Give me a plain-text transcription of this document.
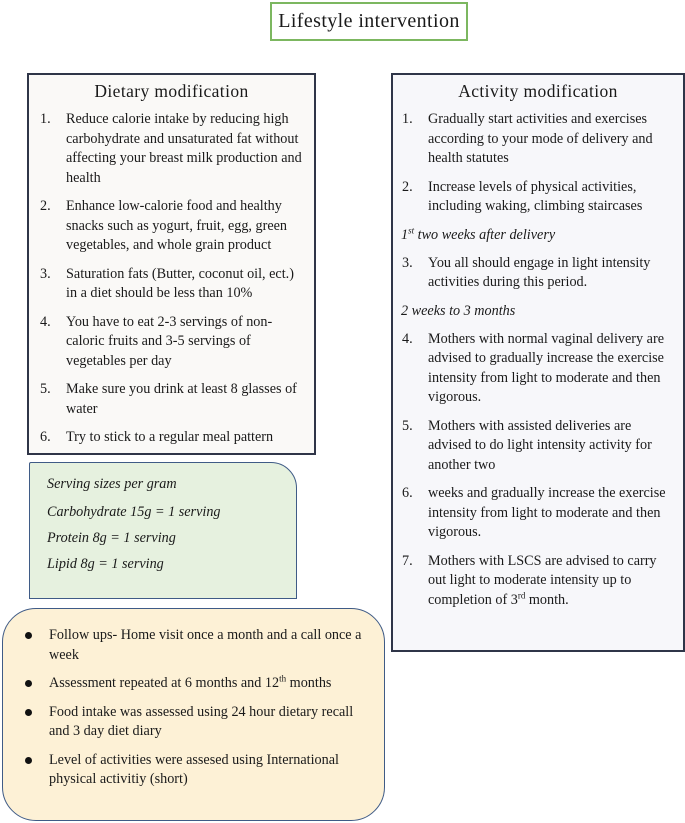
Lifestyle intervention
Dietary modification
1.	Reduce calorie intake by reducing high carbohydrate and unsaturated fat without affecting your breast milk production and health
2.	Enhance low-calorie food and healthy snacks such as yogurt, fruit, egg, green vegetables, and whole grain product
3.	Saturation fats (Butter, coconut oil, ect.) in a diet should be less than 10%
4.	You have to eat 2-3 servings of non-caloric fruits and 3-5 servings of vegetables per day
5.	Make sure you drink at least 8 glasses of water
6.	Try to stick to a regular meal pattern
Serving sizes per gram
Carbohydrate 15g = 1 serving
Protein 8g = 1 serving
Lipid 8g = 1 serving
Follow ups- Home visit once a month and a call once a week
Assessment repeated at 6 months and 12th months
Food intake was assessed using 24 hour dietary recall and 3 day diet diary
Level of activities were assesed using International physical activitiy (short)
Activity modification
1.	Gradually start activities and exercises according to your mode of delivery and health statutes
2.	Increase levels of physical activities, including waking, climbing staircases
1st two weeks after delivery
3.	You all should engage in light intensity activities during this period.
2 weeks to 3 months
4.	Mothers with normal vaginal delivery are advised to gradually increase the exercise intensity from light to moderate and then vigorous.
5.	Mothers with assisted deliveries are advised to do light intensity activity for another two
6.	weeks and gradually increase the exercise intensity from light to moderate and then vigorous.
7.	Mothers with LSCS are advised to carry out light to moderate intensity up to completion of 3rd month.
